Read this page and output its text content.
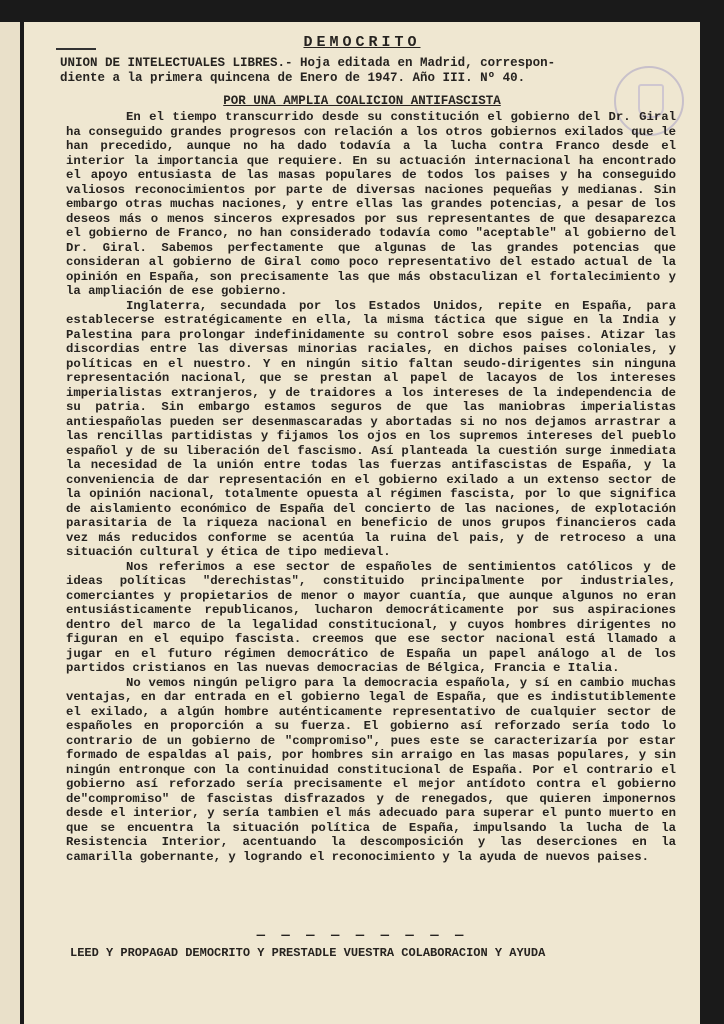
DEMOCRITO
UNION DE INTELECTUALES LIBRES.- Hoja editada en Madrid, correspon-
diente a la primera quincena de Enero de 1947. Año III. Nº 40.
POR UNA AMPLIA COALICION ANTIFASCISTA

En el tiempo transcurrido desde su constitución el gobierno del Dr. Giral ha conseguido grandes progresos con relación a los otros gobiernos exilados que le han precedido, aunque no ha dado todavía a la lucha contra Franco desde el interior la importancia que requiere. En su actuación internacional ha encontrado el apoyo entusiasta de las masas populares de todos los paises y ha conseguido valiosos reconocimientos por parte de diversas naciones pequeñas y medianas. Sin embargo otras muchas naciones, y entre ellas las grandes potencias, a pesar de los deseos más o menos sinceros expresados por sus representantes de que desaparezca el gobierno de Franco, no han considerado todavía como "aceptable" al gobierno del Dr. Giral. Sabemos perfectamente que algunas de las grandes potencias que consideran al gobierno de Giral como poco representativo del estado actual de la opinión en España, son precisamente las que más obstaculizan el fortalecimiento y la ampliación de ese gobierno.

Inglaterra, secundada por los Estados Unidos, repite en España, para establecerse estratégicamente en ella, la misma táctica que sigue en la India y Palestina para prolongar indefinidamente su control sobre esos paises. Atizar las discordias entre las diversas minorias raciales, en dichos paises coloniales, y políticas en el nuestro. Y en ningún sitio faltan seudo-dirigentes sin ninguna representación nacional, que se prestan al papel de lacayos de los intereses imperialistas extranjeros, y de traidores a los intereses de la independencia de su patria. Sin embargo estamos seguros de que las maniobras imperialistas antiespañolas pueden ser desenmascaradas y abortadas si no nos dejamos arrastrar a las rencillas partidistas y fijamos los ojos en los supremos intereses del pueblo español y de su liberación del fascismo. Así planteada la cuestión surge inmediata la necesidad de la unión entre todas las fuerzas antifascistas de España, y la conveniencia de dar representación en el gobierno exilado a un extenso sector de la opinión nacional, totalmente opuesta al régimen fascista, por lo que significa de aislamiento económico de España del concierto de las naciones, de explotación parasitaria de la riqueza nacional en beneficio de unos grupos financieros cada vez más reducidos conforme se acentúa la ruina del pais, y de retroceso a una situación cultural y ética de tipo medieval.

Nos referimos a ese sector de españoles de sentimientos católicos y de ideas políticas "derechistas", constituido principalmente por industriales, comerciantes y propietarios de menor o mayor cuantía, que aunque algunos no eran entusiásticamente republicanos, lucharon democráticamente por sus aspiraciones dentro del marco de la legalidad constitucional, y cuyos hombres dirigentes no figuran en el equipo fascista. creemos que ese sector nacional está llamado a jugar en el futuro régimen democrático de España un papel análogo al de los partidos cristianos en las nuevas democracias de Bélgica, Francia e Italia.

No vemos ningún peligro para la democracia española, y sí en cambio muchas ventajas, en dar entrada en el gobierno legal de España, que es indistutiblemente el exilado, a algún hombre auténticamente representativo de cualquier sector de españoles en proporción a su fuerza. El gobierno así reforzado sería todo lo contrario de un gobierno de "compromiso", pues este se caracterizaría por estar formado de espaldas al pais, por hombres sin arraigo en las masas populares, y sin ningún entronque con la continuidad constitucional de España. Por el contrario el gobierno así reforzado sería precisamente el mejor antídoto contra el gobierno de"compromiso" de fascistas disfrazados y de renegados, que quieren imponernos desde el interior, y sería tambien el más adecuado para superar el punto muerto en que se encuentra la situación política de España, impulsando la lucha de la Resistencia Interior, acentuando la descomposición y las deserciones en la camarilla gobernante, y logrando el reconocimiento y la ayuda de nuevos paises.

— — — — — — — — —
LEED Y PROPAGAD DEMOCRITO Y PRESTADLE VUESTRA COLABORACION Y AYUDA
